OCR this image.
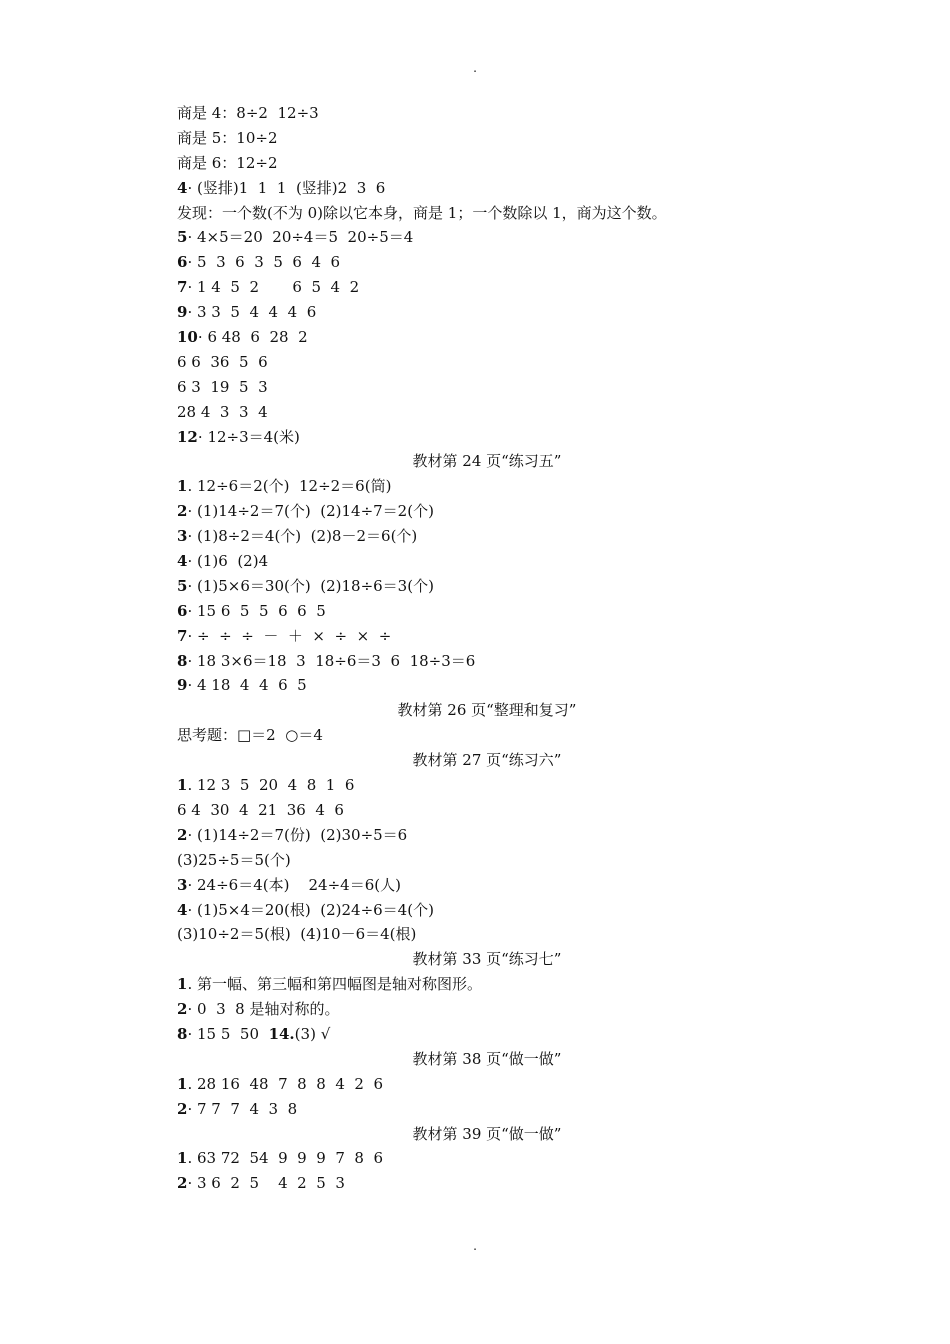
.
商是 4：8÷2  12÷3
商是 5：10÷2
商是 6：12÷2
4· (竖排)1  1  1  (竖排)2  3  6
发现：一个数(不为 0)除以它本身，商是 1；一个数除以 1，商为这个数。
5· 4×5＝20  20÷4＝5  20÷5＝4
6· 5  3  6  3  5  6  4  6
7· 1 4  5  2       6  5  4  2
9· 3 3  5  4  4  4  6
10· 6 48  6  28  2
6 6  36  5  6
6 3  19  5  3
28 4  3  3  4
12· 12÷3＝4(米)
教材第 24 页“练习五”
1. 12÷6＝2(个)  12÷2＝6(筒)
2· (1)14÷2＝7(个)  (2)14÷7＝2(个)
3· (1)8÷2＝4(个)  (2)8－2＝6(个)
4· (1)6  (2)4
5· (1)5×6＝30(个)  (2)18÷6＝3(个)
6· 15 6  5  5  6  6  5
7· ÷  ÷  ÷  －  ＋  ×  ÷  ×  ÷
8· 18 3×6＝18  3  18÷6＝3  6  18÷3＝6
9· 4 18  4  4  6  5
教材第 26 页“整理和复习”
思考题：□＝2  ○＝4
教材第 27 页“练习六”
1. 12 3  5  20  4  8  1  6
6 4  30  4  21  36  4  6
2· (1)14÷2＝7(份)  (2)30÷5＝6
(3)25÷5＝5(个)
3· 24÷6＝4(本)    24÷4＝6(人)
4· (1)5×4＝20(根)  (2)24÷6＝4(个)
(3)10÷2＝5(根)  (4)10－6＝4(根)
教材第 33 页“练习七”
1. 第一幅、第三幅和第四幅图是轴对称图形。
2· 0  3  8 是轴对称的。
8· 15 5  50  14.(3) √
教材第 38 页“做一做”
1. 28 16  48  7  8  8  4  2  6
2· 7 7  7  4  3  8
教材第 39 页“做一做”
1. 63 72  54  9  9  9  7  8  6
2· 3 6  2  5    4  2  5  3
.
